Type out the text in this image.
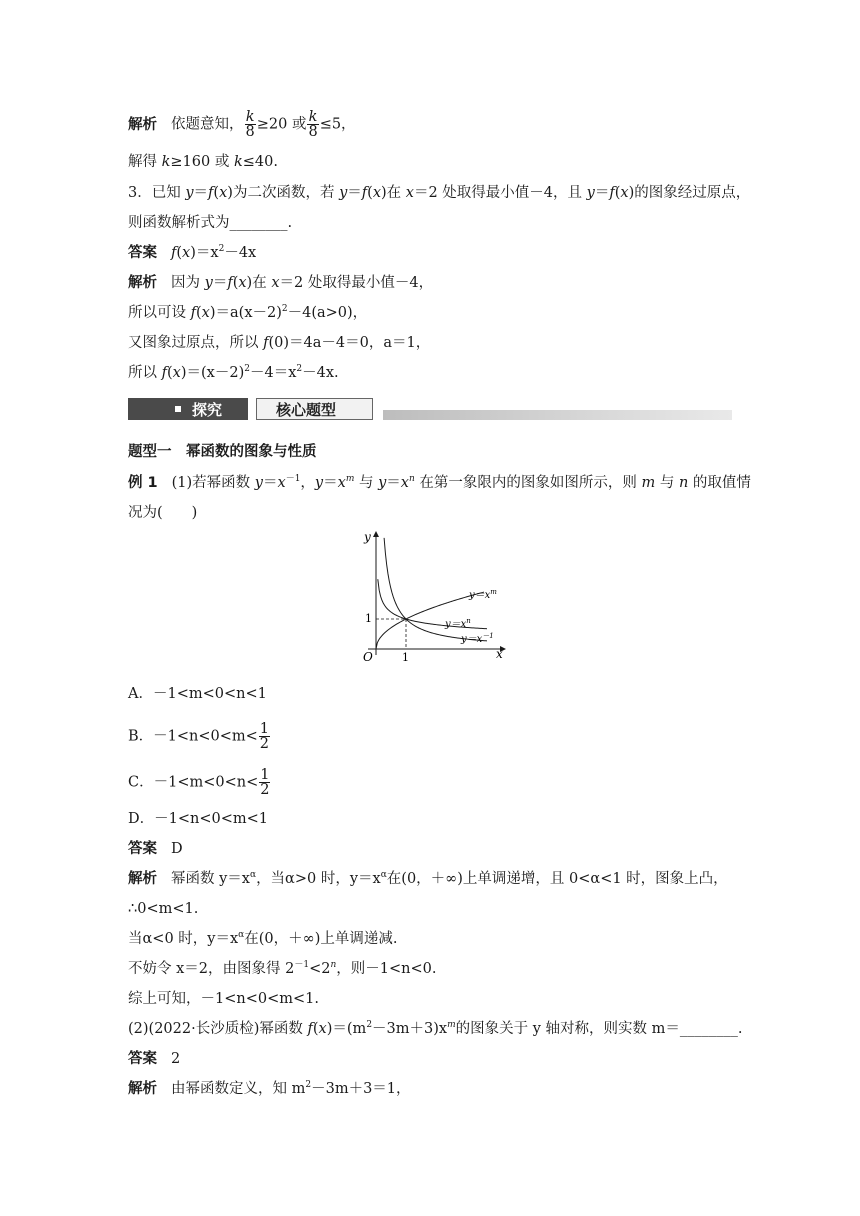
解析 依题意知， $\frac{k}{8} \ge 20$ 或 $\frac{k}{8} \le 5$，
解得 k≥160 或 k≤40.
3．已知 y＝f(x)为二次函数，若 y＝f(x)在 x＝2 处取得最小值－4，且 y＝f(x)的图象经过原点，
则函数解析式为________.
答案 $f(x)=x^2-4x$
解析 因为 y＝f(x)在 x＝2 处取得最小值－4，
所以可设 $f(x)=a(x-2)^2-4(a>0)$，
又图象过原点，所以 f(0)＝4a－4＝0，a＝1，
所以 $f(x)=(x-2)^2-4=x^2-4x$.
探究	核心题型
题型一　幂函数的图象与性质
例 1 (1)若幂函数 $y=x^{-1}$，$y=x^m$ 与 $y=x^n$ 在第一象限内的图象如图所示，则 m 与 n 的取值情
况为(　　)
y
x
O	1
1
$y=x^m$
$y=x^n$
$y=x^{-1}$
A．－1<m<0<n<1
B．$-1<n<0<m< \frac{1}{2}$
C．$-1<m<0<n< \frac{1}{2}$
D．－1<n<0<m<1
答案 D
解析 幂函数 $y=x^\alpha$，当α>0 时，$y=x^\alpha$在(0，＋∞)上单调递增，且 0<α<1 时，图象上凸，
∴0<m<1.
当α<0 时，$y=x^\alpha$在(0，＋∞)上单调递减.
不妨令 x＝2，由图象得 $2^{-1}<2^n$，则－1<n<0.
综上可知，－1<n<0<m<1.
(2)(2022·长沙质检)幂函数 $f(x)=(m^2-3m+3)x^m$的图象关于 y 轴对称，则实数 m＝________.
答案 2
解析 由幂函数定义，知 $m^2-3m+3=1$，
